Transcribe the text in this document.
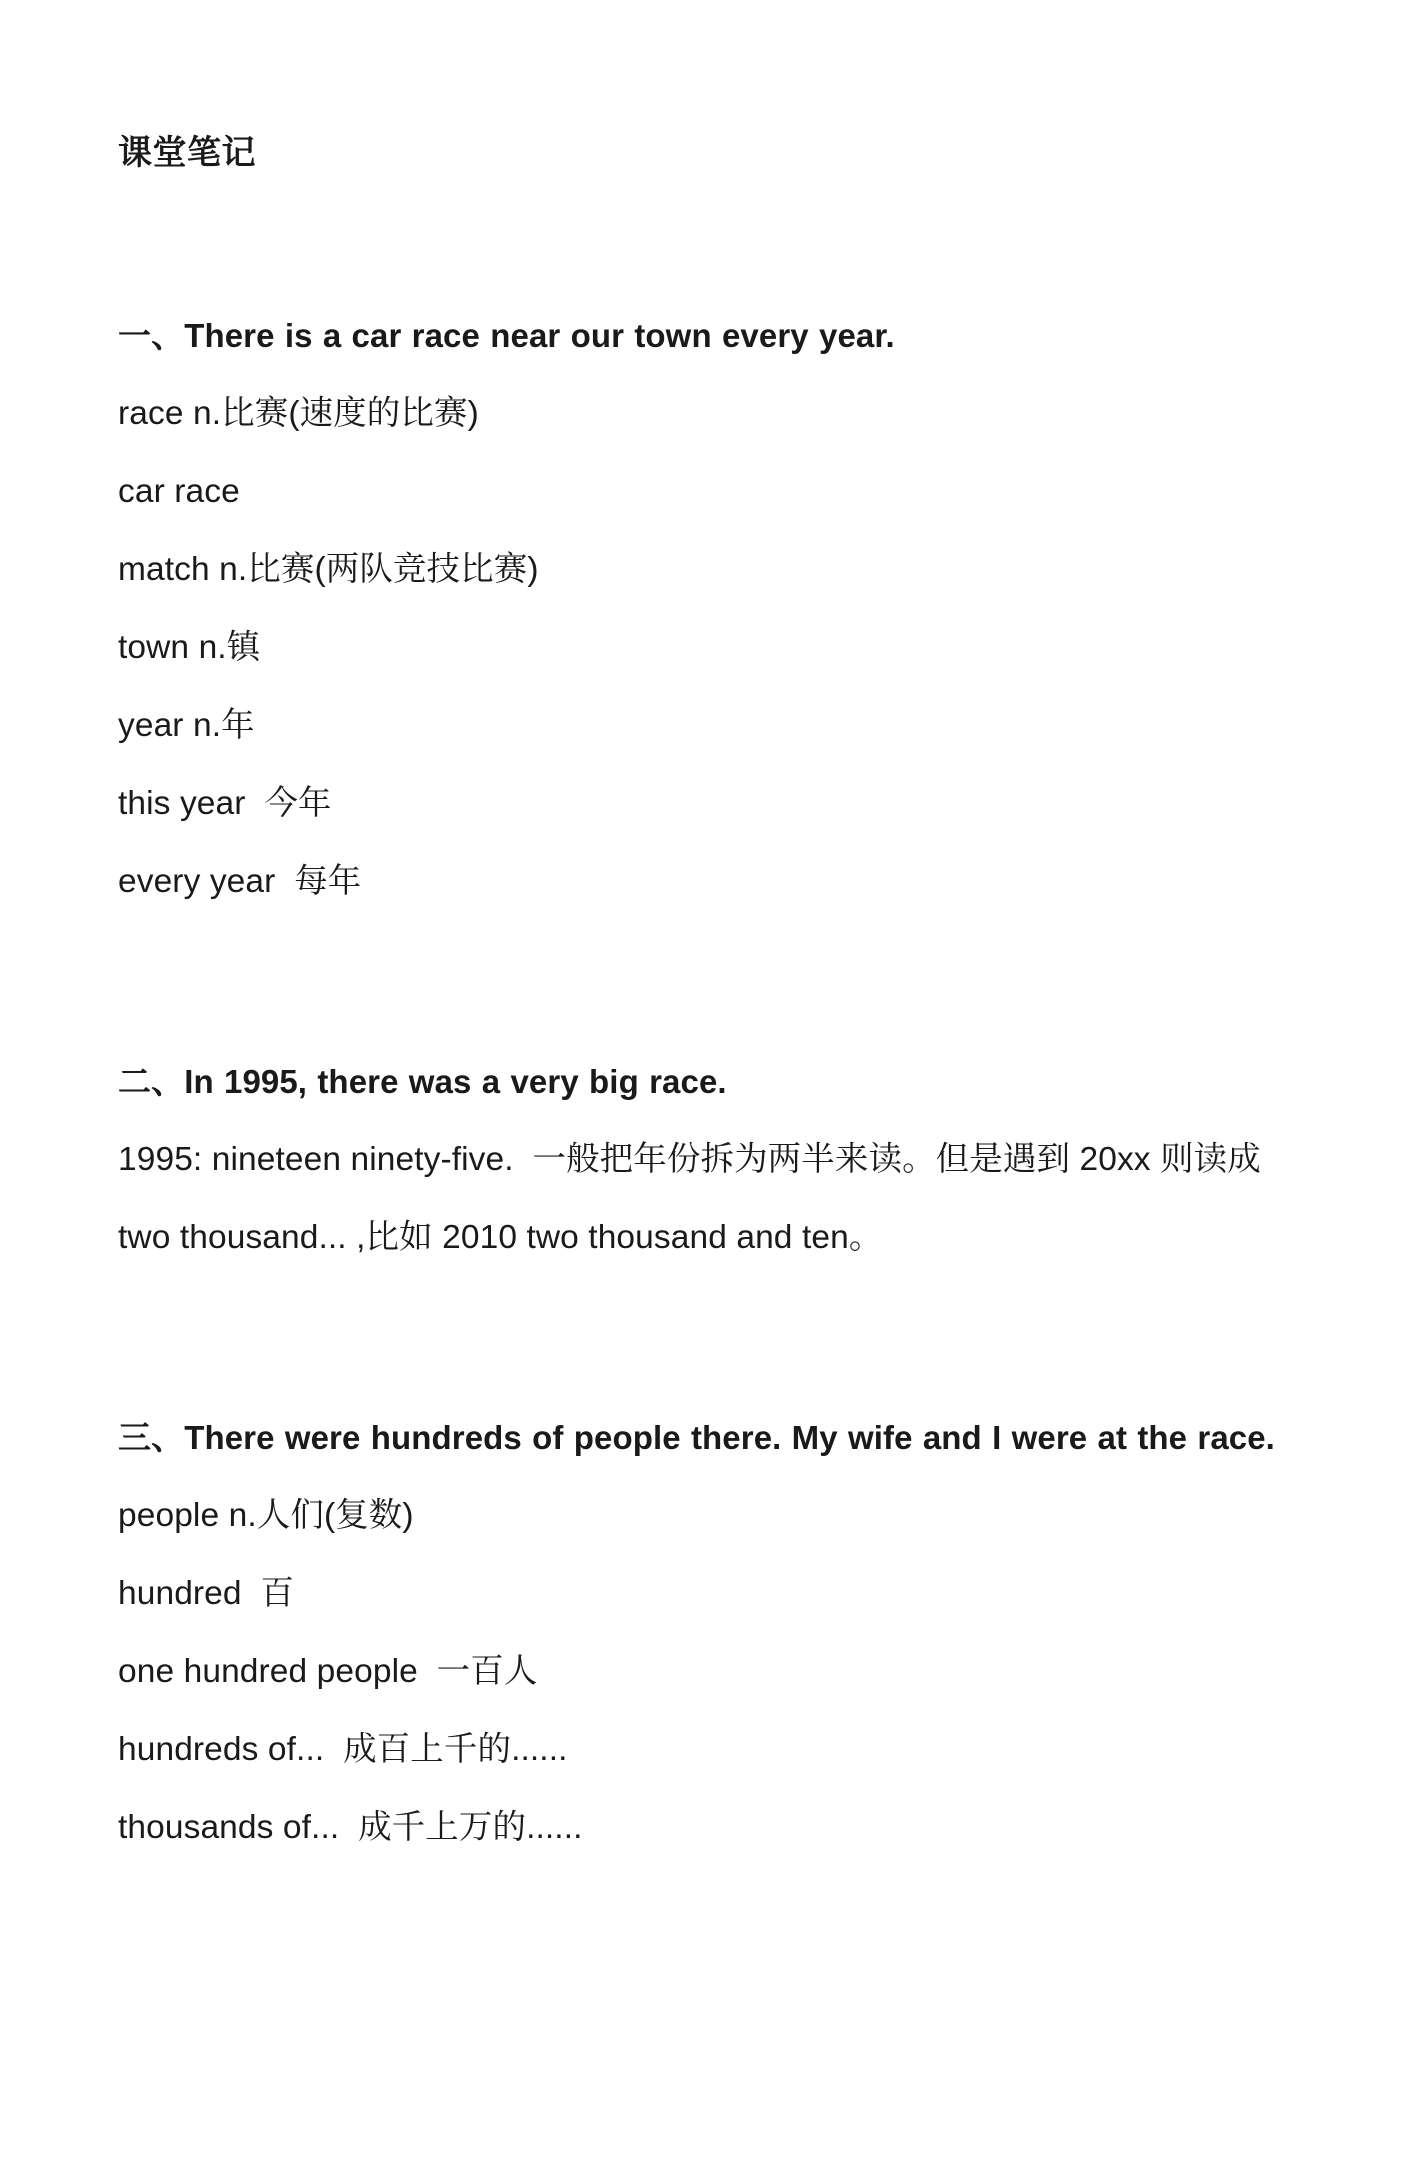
课堂笔记
一、There is a car race near our town every year.

race n.比赛(速度的比赛)

car race

match n.比赛(两队竞技比赛)

town n.镇

year n.年

this year  今年

every year  每年

二、In 1995, there was a very big race.

1995: nineteen ninety-five.  一般把年份拆为两半来读。但是遇到 20xx 则读成 two thousand... ,比如 2010 two thousand and ten。

三、There were hundreds of people there. My wife and I were at the race.

people n.人们(复数)

hundred  百

one hundred people  一百人

hundreds of...  成百上千的......

thousands of...  成千上万的......
